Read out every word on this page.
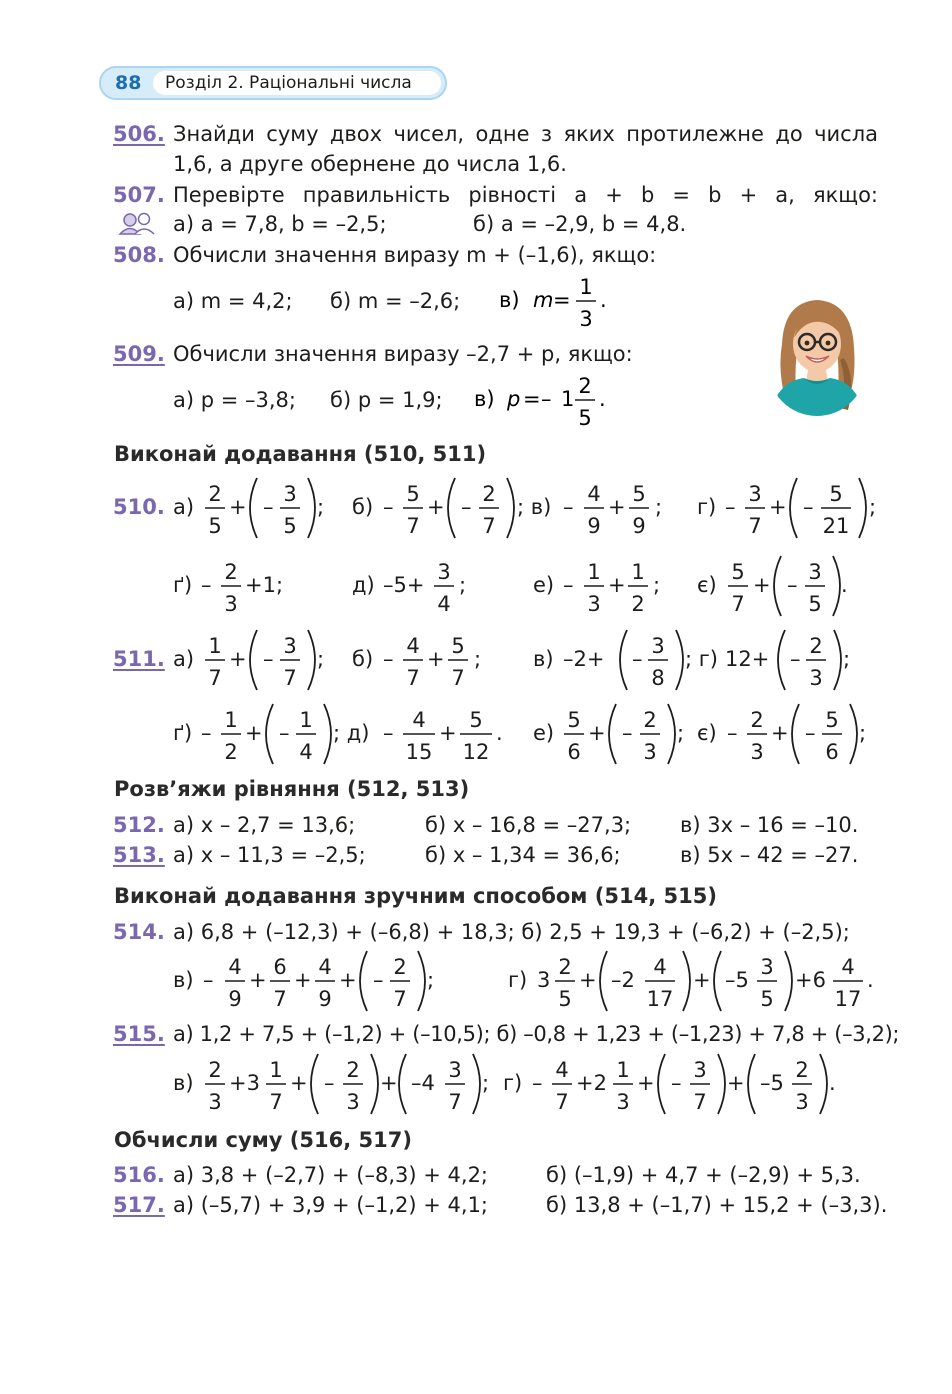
88 Розділ 2. Раціональні числа
506. Знайди суму двох чисел, одне з яких протилежне до числа
1,6, а друге обернене до числа 1,6.
507. Перевірте правильність рівності a + b = b + a, якщо:
а) a = 7,8, b = –2,5;	б) a = –2,9, b = 4,8.
508. Обчисли значення виразу m + (–1,6), якщо:
а) m = 4,2; б) m = –2,6; в) m =
1
3
.
509. Обчисли значення виразу –2,7 + p, якщо:
а) p = –3,8; б) p = 1,9; в) p = – 1
2
5
.
Виконай додавання (510, 511)
510.
511.
а)
2
5
+ –
3
5
; б) –
5
7
+ –
2
7
; в) –
4
9
+
5
9
; г) –
3
7
+ –
5
21
;
ґ) –
2
3
+1;	д) –5+
3
4
;	е) –
1
3
+
1
2
; є)
5
7
+ –
3
5
.
а)
1
7
+ –
3
7
; б) –
4
7
+
5
7
; в) –2+ –
3
8
; г) 12+ –
2
3
;
ґ) –
1
2
+ –
1
4
; д) –
4
15
+
5
12
. е)
5
6
+ –
2
3
; є) –
2
3
+ –
5
6
;
Розв’яжи рівняння (512, 513)
512. а) x – 2,7 = 13,6;	б) x – 16,8 = –27,3; в) 3x – 16 = –10.
513. а) x – 11,3 = –2,5;	б) x – 1,34 = 36,6;	в) 5x – 42 = –27.
Виконай додавання зручним способом (514, 515)
514. а) 6,8 + (–12,3) + (–6,8) + 18,3; б) 2,5 + 19,3 + (–6,2) + (–2,5);
в) –
4
9
+
6
7
+
4
9
+ –
2
7
;	г) 3
2
5
+ –2
4
17
+ –5
3
5
+6
4
17
.
515. а) 1,2 + 7,5 + (–1,2) + (–10,5); б) –0,8 + 1,23 + (–1,23) + 7,8 + (–3,2);
в)
2
3
+3
1
7
+ –
2
3
+ –4
3
7
; г) –
4
7
+2
1
3
+ –
3
7
+ –5
2
3
.
Обчисли суму (516, 517)
516. а) 3,8 + (–2,7) + (–8,3) + 4,2;	б) (–1,9) + 4,7 + (–2,9) + 5,3.
517. а) (–5,7) + 3,9 + (–1,2) + 4,1;	б) 13,8 + (–1,7) + 15,2 + (–3,3).
